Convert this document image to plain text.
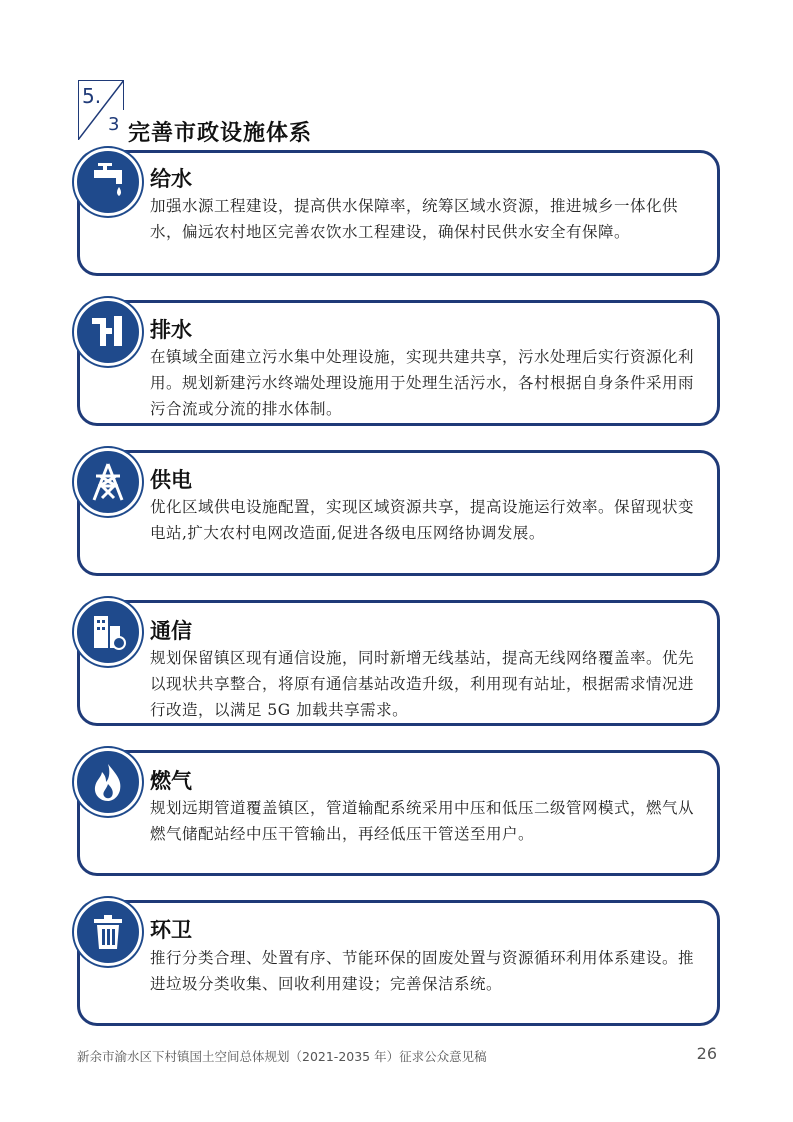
5.
3 完善市政设施体系
给水
加强水源工程建设，提高供水保障率，统筹区域水资源，推进城乡一体化供水，偏远农村地区完善农饮水工程建设，确保村民供水安全有保障。
排水
在镇域全面建立污水集中处理设施，实现共建共享，污水处理后实行资源化利用。规划新建污水终端处理设施用于处理生活污水，各村根据自身条件采用雨污合流或分流的排水体制。
供电
优化区域供电设施配置，实现区域资源共享，提高设施运行效率。保留现状变电站,扩大农村电网改造面,促进各级电压网络协调发展。
通信
规划保留镇区现有通信设施，同时新增无线基站，提高无线网络覆盖率。优先以现状共享整合，将原有通信基站改造升级，利用现有站址，根据需求情况进行改造，以满足 5G 加载共享需求。
燃气
规划远期管道覆盖镇区，管道输配系统采用中压和低压二级管网模式，燃气从燃气储配站经中压干管输出，再经低压干管送至用户。
环卫
推行分类合理、处置有序、节能环保的固废处置与资源循环利用体系建设。推进垃圾分类收集、回收利用建设；完善保洁系统。
新余市渝水区下村镇国土空间总体规划（2021-2035 年）征求公众意见稿	26
